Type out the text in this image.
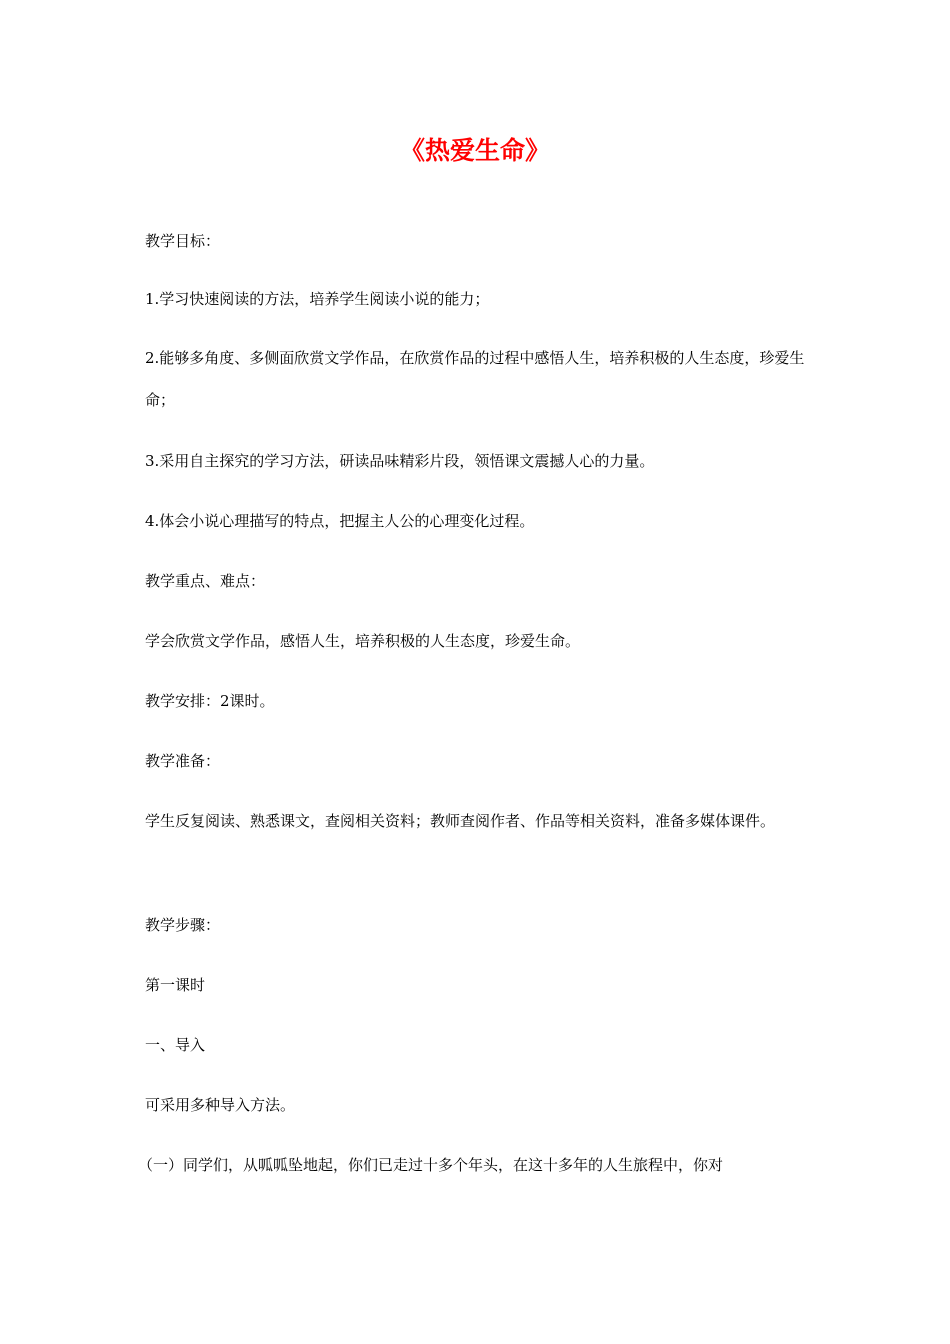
《热爱生命》

教学目标：

1.学习快速阅读的方法，培养学生阅读小说的能力；

2.能够多角度、多侧面欣赏文学作品，在欣赏作品的过程中感悟人生，培养积极的人生态度，珍爱生命；

3.采用自主探究的学习方法，研读品味精彩片段，领悟课文震撼人心的力量。

4.体会小说心理描写的特点，把握主人公的心理变化过程。

教学重点、难点：

学会欣赏文学作品，感悟人生，培养积极的人生态度，珍爱生命。

教学安排：2课时。

教学准备：

学生反复阅读、熟悉课文，查阅相关资料；教师查阅作者、作品等相关资料，准备多媒体课件。

教学步骤：

第一课时

一、导入

可采用多种导入方法。

（一）同学们，从呱呱坠地起，你们已走过十多个年头，在这十多年的人生旅程中，你对
